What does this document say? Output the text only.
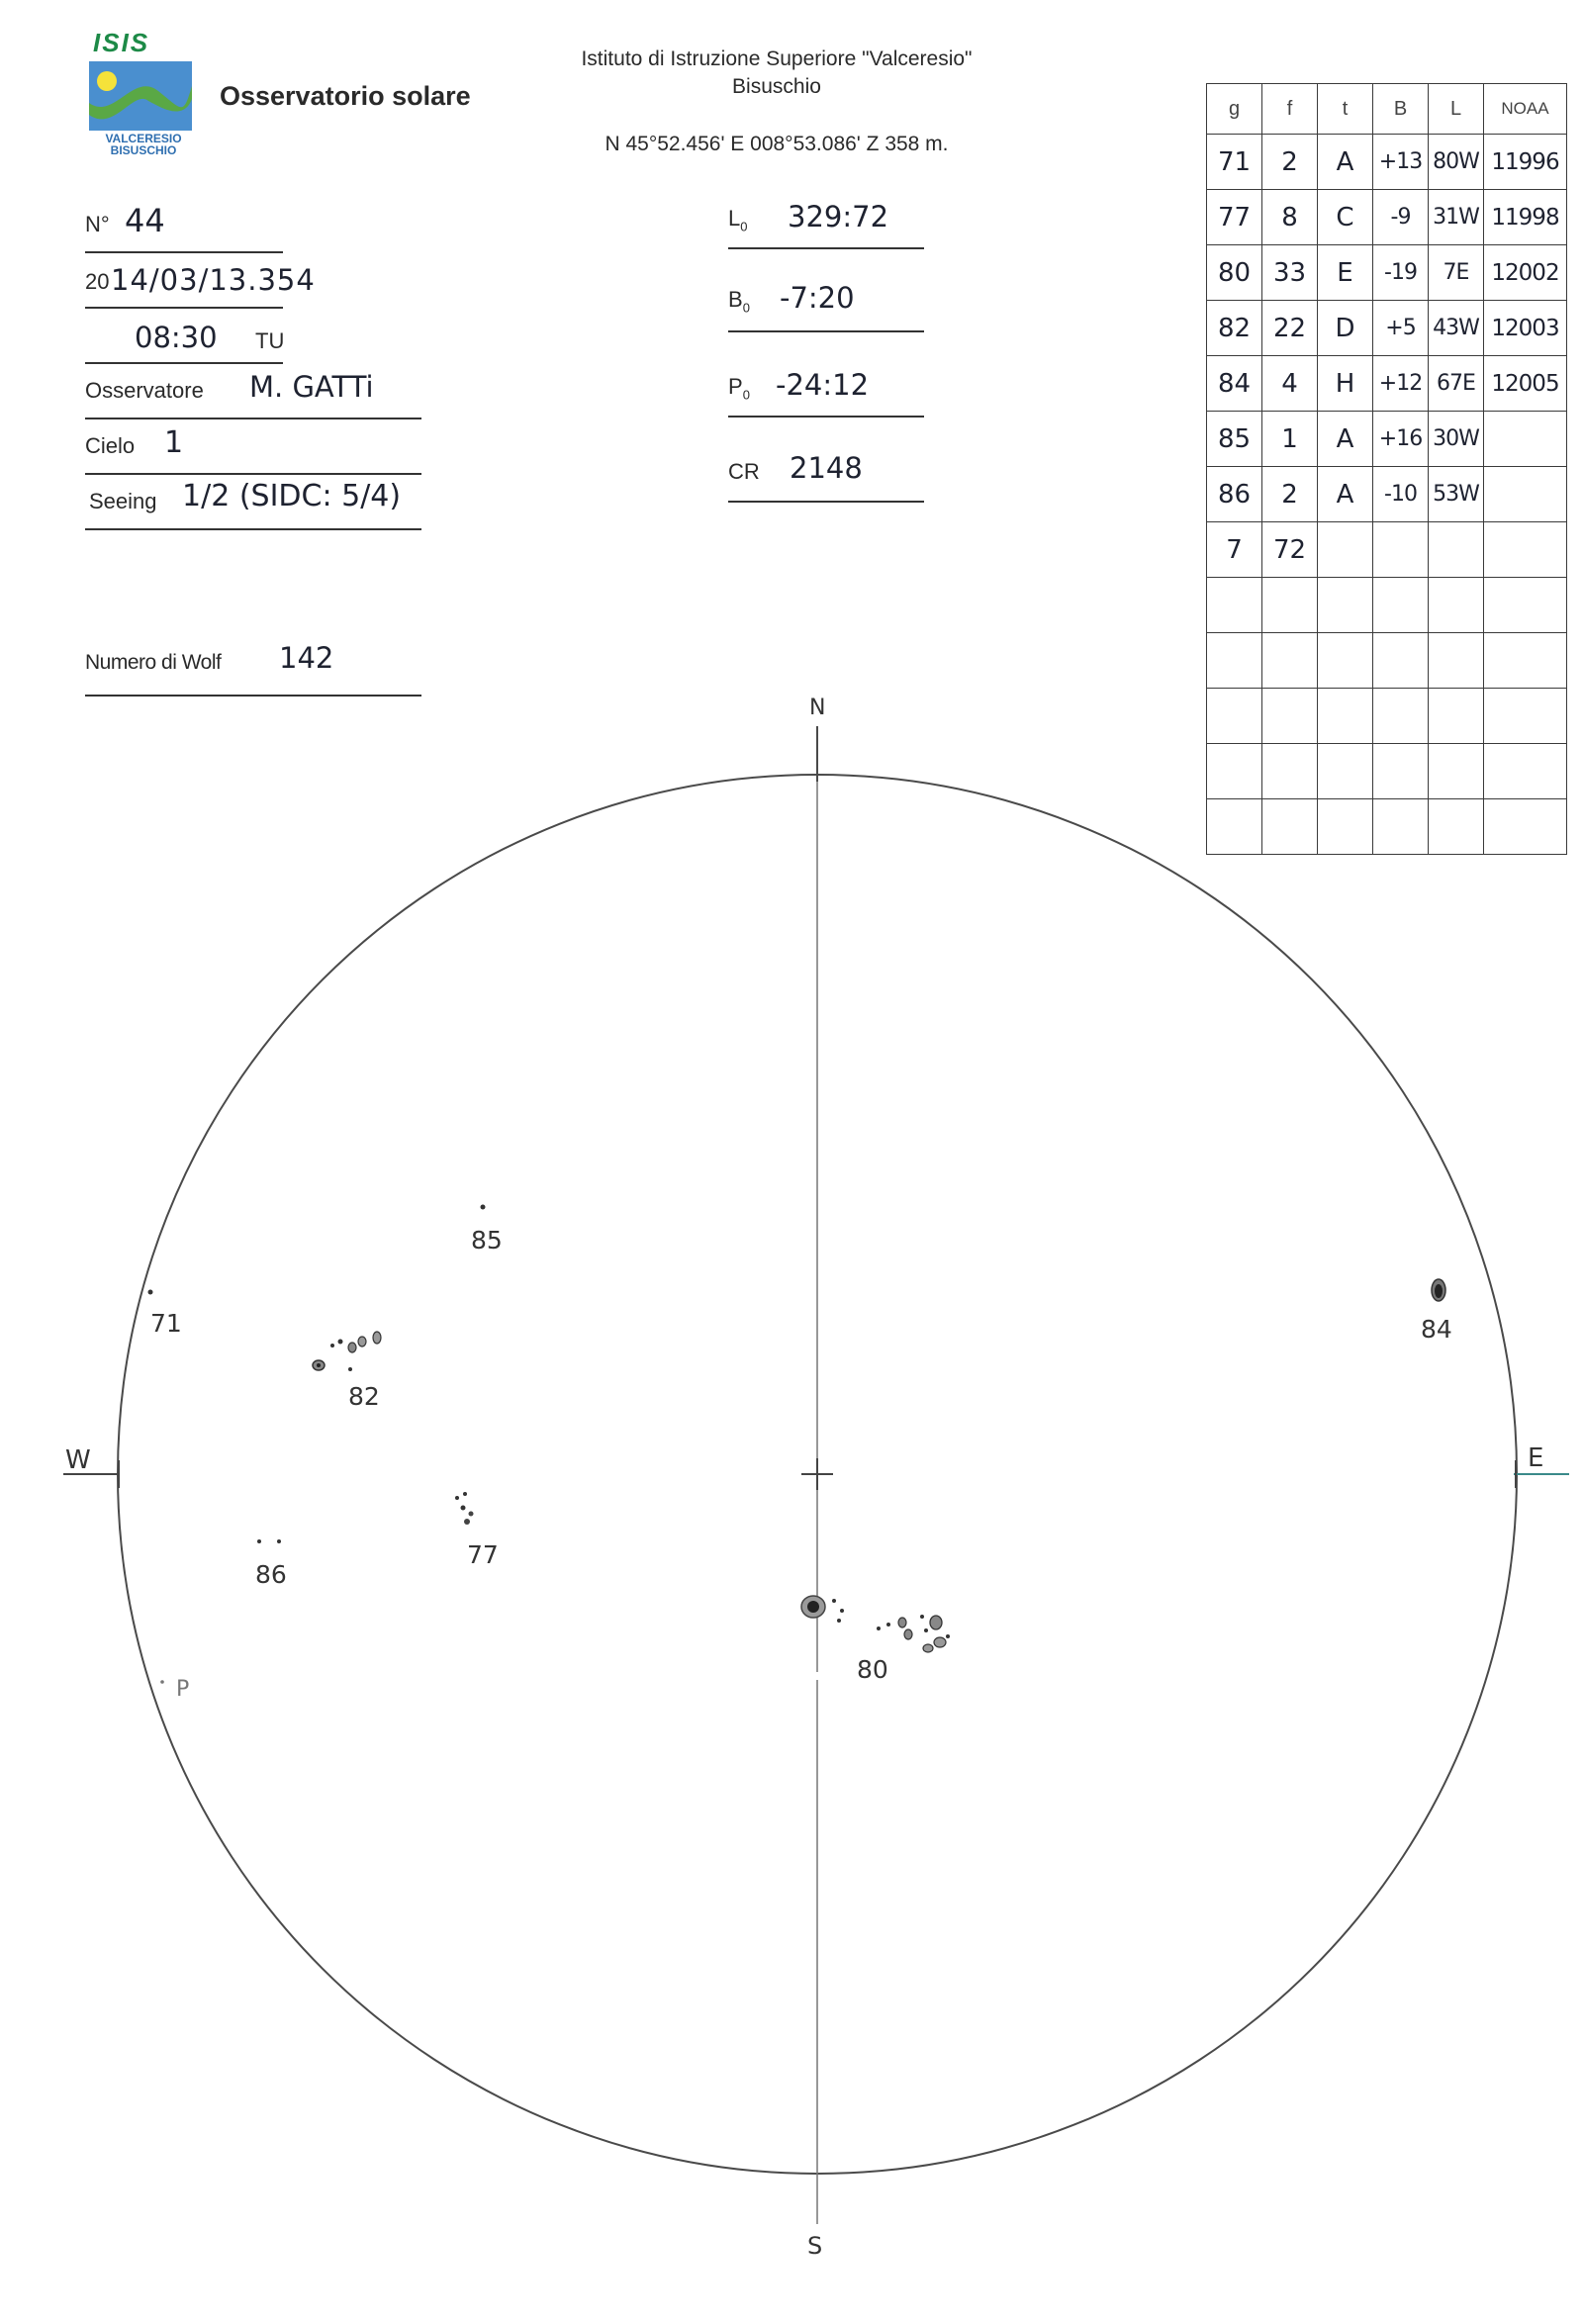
ISIS
VALCERESIO
BISUSCHIO
Osservatorio solare
Istituto di Istruzione Superiore "Valceresio"
Bisuschio
N 45°52.456' E 008°53.086' Z 358 m.
N° 44
20 14/03/13.354
08:30 TU
Osservatore M. GATTi
Cielo 1
Seeing 1/2 (SIDC: 5/4)
Numero di Wolf 142
$L_0$ 329:72
$B_0$ -7:20
$P_0$ -24:12
CR 2148
g	f	t	B	L	NOAA
71	2	A	+13	80W	11996
77	8	C	-9	31W	11998
80	33	E	-19	7E	12002
82	22	D	+5	43W	12003
84	4	H	+12	67E	12005
85	1	A	+16	30W	
86	2	A	-10	53W	
7	72				

N
S
E
W
71
85
82
77
86
80
84
P
